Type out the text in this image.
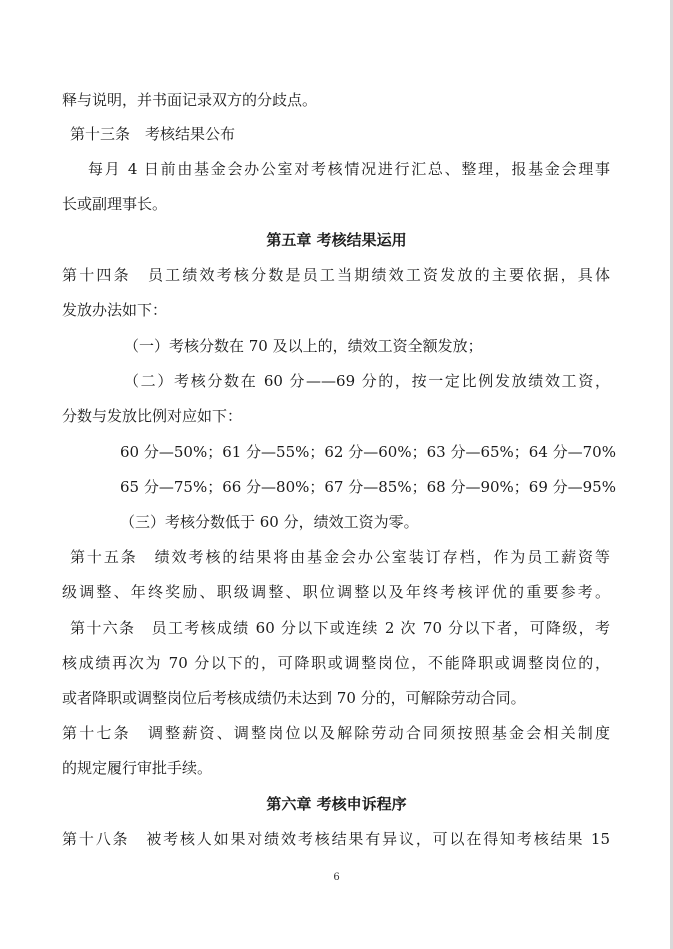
释与说明，并书面记录双方的分歧点。
第十三条　考核结果公布
每月 4 日前由基金会办公室对考核情况进行汇总、整理，报基金会理事
长或副理事长。
第五章 考核结果运用
第十四条　员工绩效考核分数是员工当期绩效工资发放的主要依据，具体
发放办法如下：
（一）考核分数在 70 及以上的，绩效工资全额发放；
（二）考核分数在 60 分——69 分的，按一定比例发放绩效工资，
分数与发放比例对应如下：
60 分—50%；61 分—55%；62 分—60%；63 分—65%；64 分—70%
65 分—75%；66 分—80%；67 分—85%；68 分—90%；69 分—95%
（三）考核分数低于 60 分，绩效工资为零。
第十五条　绩效考核的结果将由基金会办公室装订存档，作为员工薪资等
级调整、年终奖励、职级调整、职位调整以及年终考核评优的重要参考。
第十六条　员工考核成绩 60 分以下或连续 2 次 70 分以下者，可降级，考
核成绩再次为 70 分以下的，可降职或调整岗位，不能降职或调整岗位的，
或者降职或调整岗位后考核成绩仍未达到 70 分的，可解除劳动合同。
第十七条　调整薪资、调整岗位以及解除劳动合同须按照基金会相关制度
的规定履行审批手续。
第六章 考核申诉程序
第十八条　被考核人如果对绩效考核结果有异议，可以在得知考核结果 15
6
